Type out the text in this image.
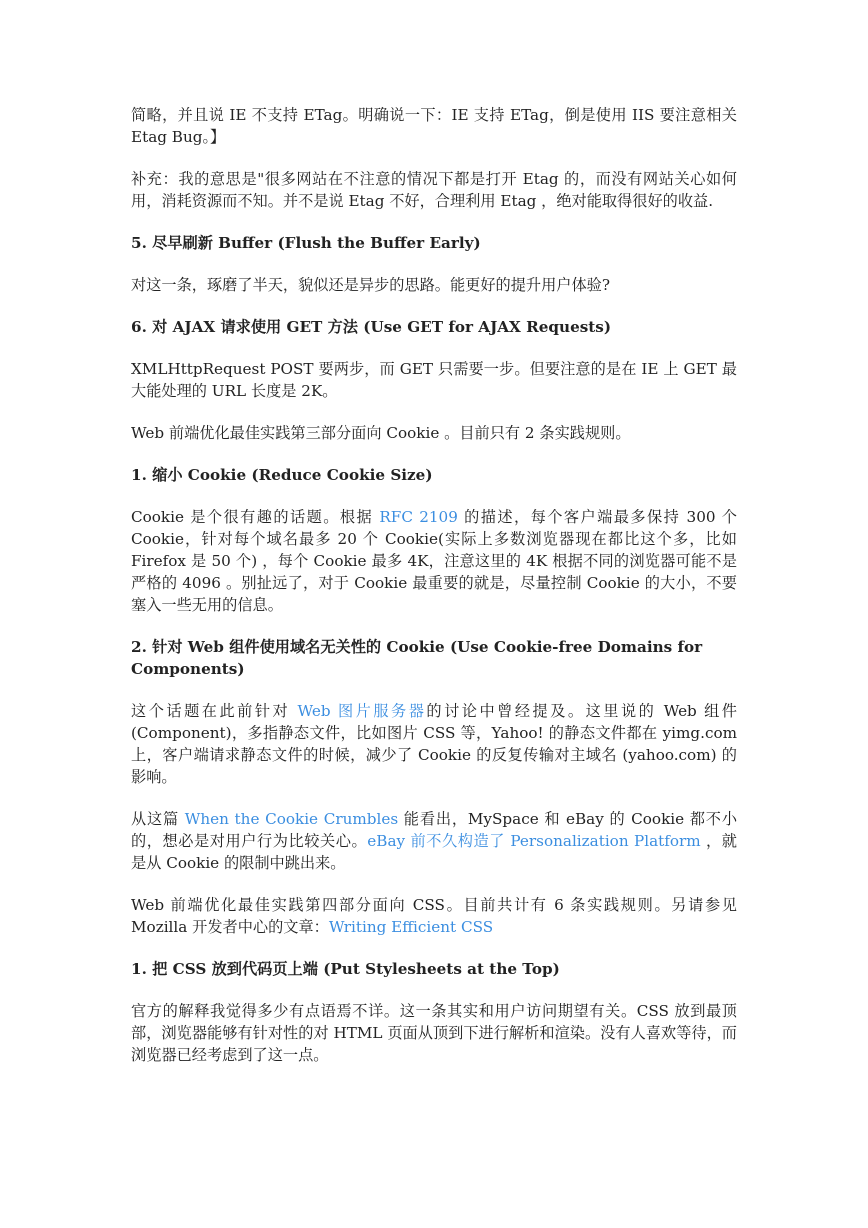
简略，并且说 IE 不支持 ETag。明确说一下：IE 支持 ETag，倒是使用 IIS 要注意相关 Etag Bug。】
补充：我的意思是"很多网站在不注意的情况下都是打开 Etag 的，而没有网站关心如何用，消耗资源而不知。并不是说 Etag 不好，合理利用 Etag ，绝对能取得很好的收益.
5. 尽早刷新 Buffer (Flush the Buffer Early)
对这一条，琢磨了半天，貌似还是异步的思路。能更好的提升用户体验?
6. 对 AJAX 请求使用 GET 方法 (Use GET for AJAX Requests)
XMLHttpRequest POST 要两步，而 GET 只需要一步。但要注意的是在 IE 上 GET 最大能处理的 URL 长度是 2K。
Web 前端优化最佳实践第三部分面向 Cookie 。目前只有 2 条实践规则。
1. 缩小 Cookie (Reduce Cookie Size)
Cookie 是个很有趣的话题。根据 RFC 2109 的描述，每个客户端最多保持 300 个 Cookie，针对每个域名最多 20 个 Cookie(实际上多数浏览器现在都比这个多，比如 Firefox 是 50 个) ，每个 Cookie 最多 4K，注意这里的 4K 根据不同的浏览器可能不是严格的 4096 。别扯远了，对于 Cookie 最重要的就是，尽量控制 Cookie 的大小，不要塞入一些无用的信息。
2. 针对 Web 组件使用域名无关性的 Cookie (Use Cookie-free Domains for Components)
这个话题在此前针对 Web 图片服务器的讨论中曾经提及。这里说的 Web 组件(Component)，多指静态文件，比如图片 CSS 等，Yahoo! 的静态文件都在 yimg.com 上，客户端请求静态文件的时候，减少了 Cookie 的反复传输对主域名 (yahoo.com) 的影响。
从这篇 When the Cookie Crumbles 能看出，MySpace 和 eBay 的 Cookie 都不小的，想必是对用户行为比较关心。eBay 前不久构造了 Personalization Platform ，就是从 Cookie 的限制中跳出来。
Web 前端优化最佳实践第四部分面向 CSS。目前共计有 6 条实践规则。另请参见 Mozilla 开发者中心的文章：Writing Efficient CSS
1. 把 CSS 放到代码页上端 (Put Stylesheets at the Top)
官方的解释我觉得多少有点语焉不详。这一条其实和用户访问期望有关。CSS 放到最顶部，浏览器能够有针对性的对 HTML 页面从顶到下进行解析和渲染。没有人喜欢等待，而浏览器已经考虑到了这一点。
